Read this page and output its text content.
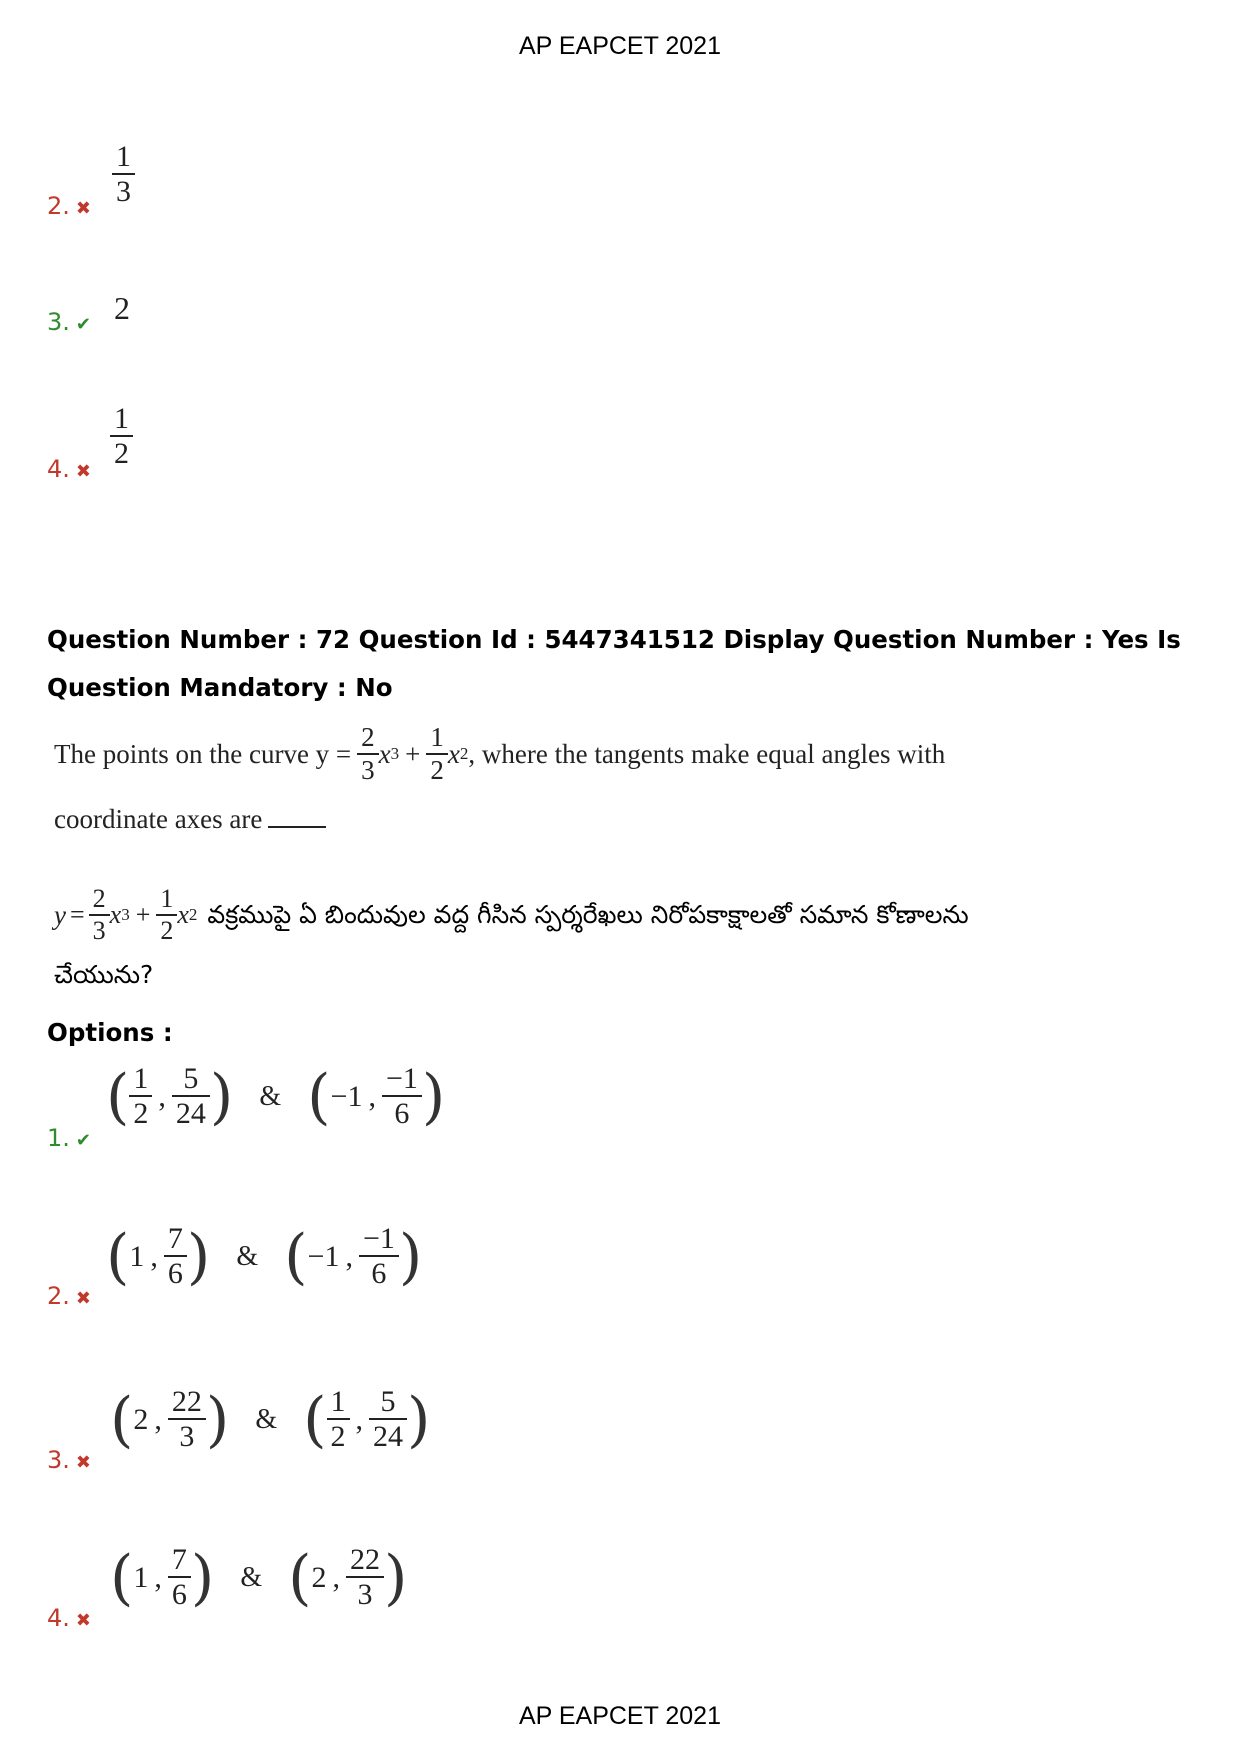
AP EAPCET 2021
2. ✖ $\frac{1}{3}$
3. ✔ 2
4. ✖ $\frac{1}{2}$
Question Number : 72 Question Id : 5447341512 Display Question Number : Yes Is Question Mandatory : No
The points on the curve $y = \frac{2}{3}$ x $3 + \frac{1}{2}$ x 2 , where the tangents make equal angles with
coordinate axes are
$y = \frac{2}{3}$ x $3 + \frac{1}{2}$ x 2 వక్రముపై ఏ బిందువుల వద్ద గీసిన స్పర్శరేఖలు నిరోపకాక్షాలతో సమాన కోణాలను
చేయును?
Options :
1. ✔
( $\frac{1}{2}$ , $\frac{5}{24}$ ) & ( −1 , $\frac{-1}{6}$ )
2. ✖
( 1 , $\frac{7}{6}$ ) & ( −1 , $\frac{-1}{6}$ )
3. ✖
( 2 , $\frac{22}{3}$ ) & ( $\frac{1}{2}$ , $\frac{5}{24}$ )
4. ✖
( 1 , $\frac{7}{6}$ ) & ( 2 , $\frac{22}{3}$ )
AP EAPCET 2021
